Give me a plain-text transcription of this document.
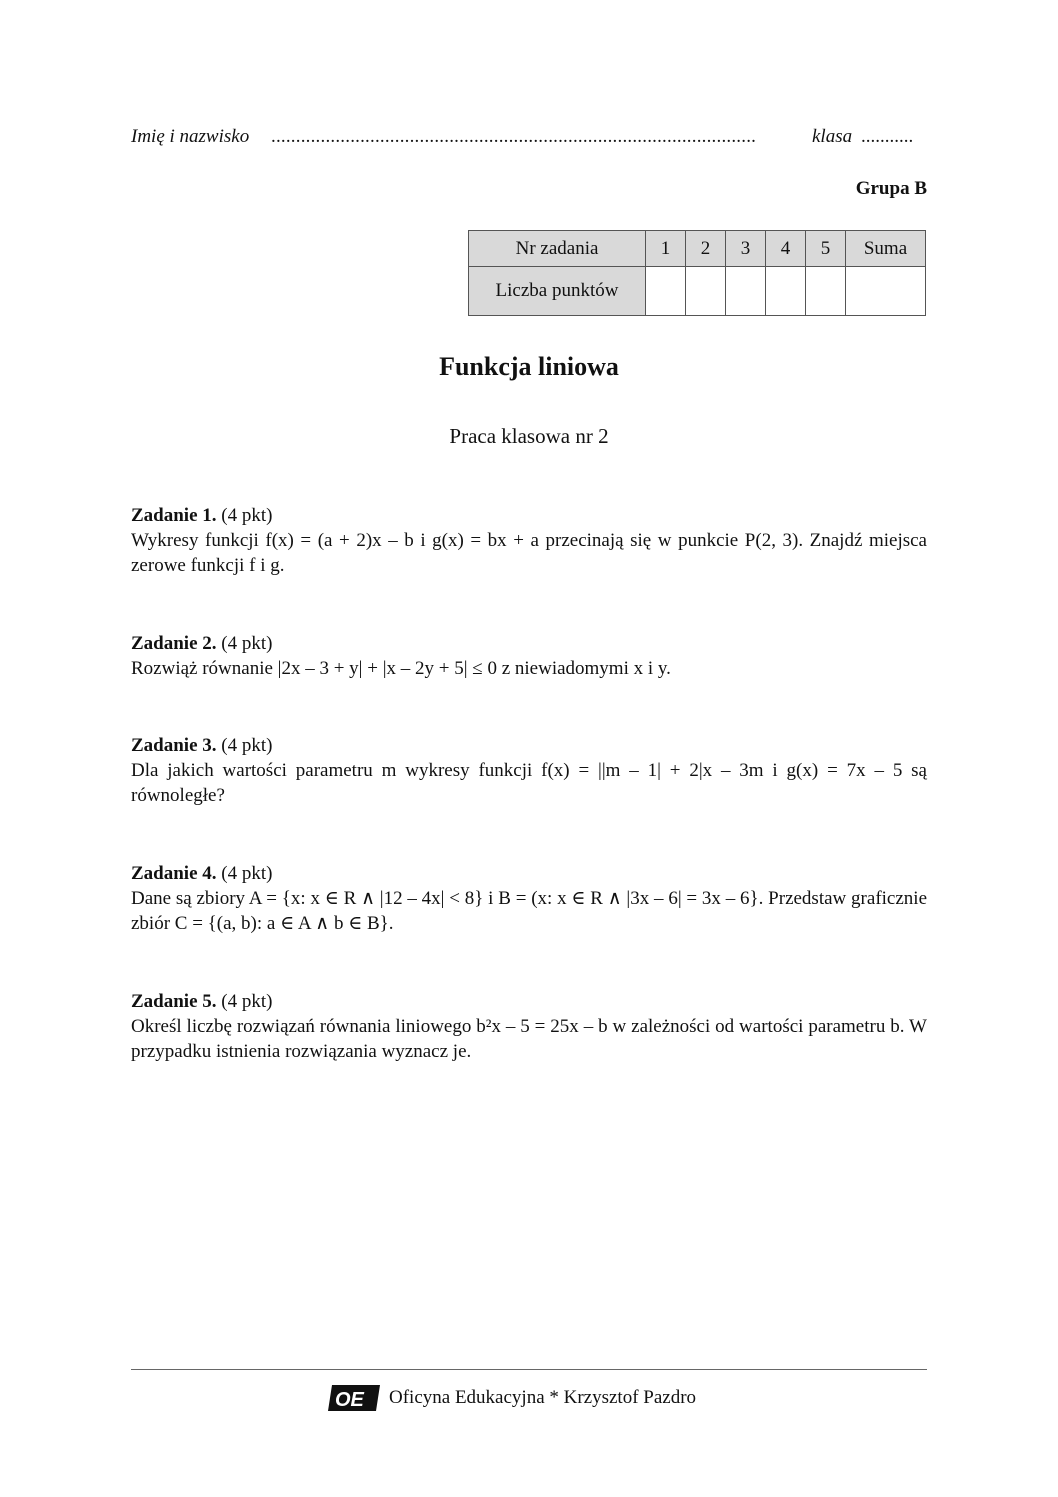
Imię i nazwisko ..................................................................................................	klasa ...........
Grupa B
Nr zadania	1	2	3	4	5	Suma
Liczba punktów						
Funkcja liniowa
Praca klasowa nr 2
Zadanie 1. (4 pkt)
Wykresy funkcji f(x) = (a + 2)x – b i g(x) = bx + a przecinają się w punkcie P(2, 3). Znajdź miejsca zerowe funkcji f i g.
Zadanie 2. (4 pkt)
Rozwiąż równanie |2x – 3 + y| + |x – 2y + 5| ≤ 0 z niewiadomymi x i y.
Zadanie 3. (4 pkt)
Dla jakich wartości parametru m wykresy funkcji f(x) = ||m – 1| + 2|x – 3m i g(x) = 7x – 5 są równoległe?
Zadanie 4. (4 pkt)
Dane są zbiory A = {x: x ∈ R ∧ |12 – 4x| < 8} i B = (x: x ∈ R ∧ |3x – 6| = 3x – 6}. Przedstaw graficznie zbiór C = {(a, b): a ∈ A ∧ b ∈ B}.
Zadanie 5. (4 pkt)
Określ liczbę rozwiązań równania liniowego b²x – 5 = 25x – b w zależności od wartości parametru b. W przypadku istnienia rozwiązania wyznacz je.
OE Oficyna Edukacyjna * Krzysztof Pazdro
